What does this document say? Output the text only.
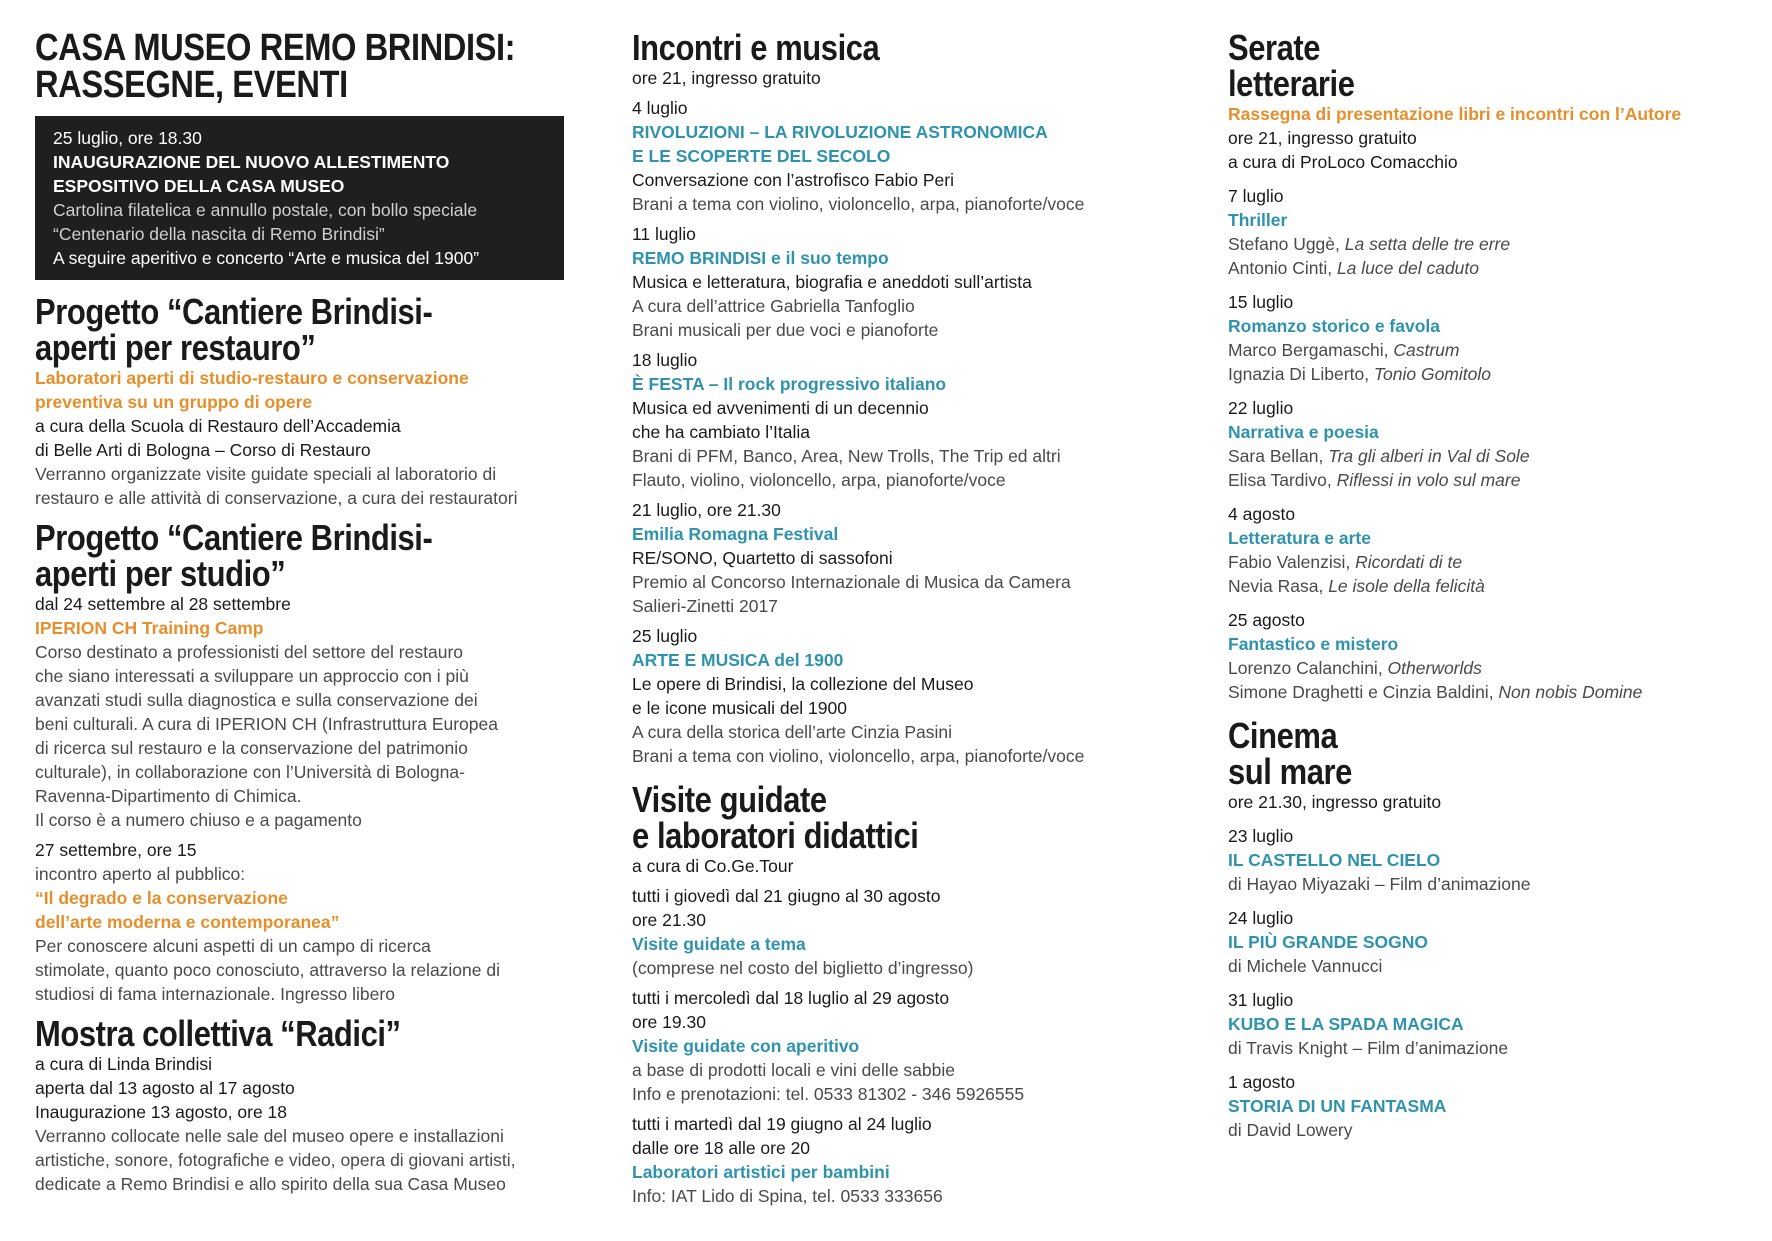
CASA MUSEO REMO BRINDISI:
RASSEGNE, EVENTI
25 luglio, ore 18.30
INAUGURAZIONE DEL NUOVO ALLESTIMENTO
ESPOSITIVO DELLA CASA MUSEO
Cartolina filatelica e annullo postale, con bollo speciale
“Centenario della nascita di Remo Brindisi”
A seguire aperitivo e concerto “Arte e musica del 1900”
Progetto “Cantiere Brindisi-
aperti per restauro”
Laboratori aperti di studio-restauro e conservazione
preventiva su un gruppo di opere
a cura della Scuola di Restauro dell’Accademia
di Belle Arti di Bologna – Corso di Restauro
Verranno organizzate visite guidate speciali al laboratorio di
restauro e alle attività di conservazione, a cura dei restauratori
Progetto “Cantiere Brindisi-
aperti per studio”
dal 24 settembre al 28 settembre
IPERION CH Training Camp
Corso destinato a professionisti del settore del restauro
che siano interessati a sviluppare un approccio con i più
avanzati studi sulla diagnostica e sulla conservazione dei
beni culturali. A cura di IPERION CH (Infrastruttura Europea
di ricerca sul restauro e la conservazione del patrimonio
culturale), in collaborazione con l’Università di Bologna-
Ravenna-Dipartimento di Chimica.
Il corso è a numero chiuso e a pagamento
27 settembre, ore 15
incontro aperto al pubblico:
“Il degrado e la conservazione
dell’arte moderna e contemporanea”
Per conoscere alcuni aspetti di un campo di ricerca
stimolate, quanto poco conosciuto, attraverso la relazione di
studiosi di fama internazionale. Ingresso libero
Mostra collettiva “Radici”
a cura di Linda Brindisi
aperta dal 13 agosto al 17 agosto
Inaugurazione 13 agosto, ore 18
Verranno collocate nelle sale del museo opere e installazioni
artistiche, sonore, fotografiche e video, opera di giovani artisti,
dedicate a Remo Brindisi e allo spirito della sua Casa Museo
Incontri e musica
ore 21, ingresso gratuito
4 luglio
RIVOLUZIONI – LA RIVOLUZIONE ASTRONOMICA
E LE SCOPERTE DEL SECOLO
Conversazione con l’astrofisco Fabio Peri
Brani a tema con violino, violoncello, arpa, pianoforte/voce
11 luglio
REMO BRINDISI e il suo tempo
Musica e letteratura, biografia e aneddoti sull’artista
A cura dell’attrice Gabriella Tanfoglio
Brani musicali per due voci e pianoforte
18 luglio
È FESTA – Il rock progressivo italiano
Musica ed avvenimenti di un decennio
che ha cambiato l’Italia
Brani di PFM, Banco, Area, New Trolls, The Trip ed altri
Flauto, violino, violoncello, arpa, pianoforte/voce
21 luglio, ore 21.30
Emilia Romagna Festival
RE/SONO, Quartetto di sassofoni
Premio al Concorso Internazionale di Musica da Camera
Salieri-Zinetti 2017
25 luglio
ARTE E MUSICA del 1900
Le opere di Brindisi, la collezione del Museo
e le icone musicali del 1900
A cura della storica dell’arte Cinzia Pasini
Brani a tema con violino, violoncello, arpa, pianoforte/voce
Visite guidate
e laboratori didattici
a cura di Co.Ge.Tour
tutti i giovedì dal 21 giugno al 30 agosto
ore 21.30
Visite guidate a tema
(comprese nel costo del biglietto d’ingresso)
tutti i mercoledì dal 18 luglio al 29 agosto
ore 19.30
Visite guidate con aperitivo
a base di prodotti locali e vini delle sabbie
Info e prenotazioni: tel. 0533 81302 - 346 5926555
tutti i martedì dal 19 giugno al 24 luglio
dalle ore 18 alle ore 20
Laboratori artistici per bambini
Info: IAT Lido di Spina, tel. 0533 333656
Serate
letterarie
Rassegna di presentazione libri e incontri con l’Autore
ore 21, ingresso gratuito
a cura di ProLoco Comacchio
7 luglio
Thriller
Stefano Uggè, La setta delle tre erre
Antonio Cinti, La luce del caduto
15 luglio
Romanzo storico e favola
Marco Bergamaschi, Castrum
Ignazia Di Liberto, Tonio Gomitolo
22 luglio
Narrativa e poesia
Sara Bellan, Tra gli alberi in Val di Sole
Elisa Tardivo, Riflessi in volo sul mare
4 agosto
Letteratura e arte
Fabio Valenzisi, Ricordati di te
Nevia Rasa, Le isole della felicità
25 agosto
Fantastico e mistero
Lorenzo Calanchini, Otherworlds
Simone Draghetti e Cinzia Baldini, Non nobis Domine
Cinema
sul mare
ore 21.30, ingresso gratuito
23 luglio
IL CASTELLO NEL CIELO
di Hayao Miyazaki – Film d’animazione
24 luglio
IL PIÙ GRANDE SOGNO
di Michele Vannucci
31 luglio
KUBO E LA SPADA MAGICA
di Travis Knight – Film d’animazione
1 agosto
STORIA DI UN FANTASMA
di David Lowery
